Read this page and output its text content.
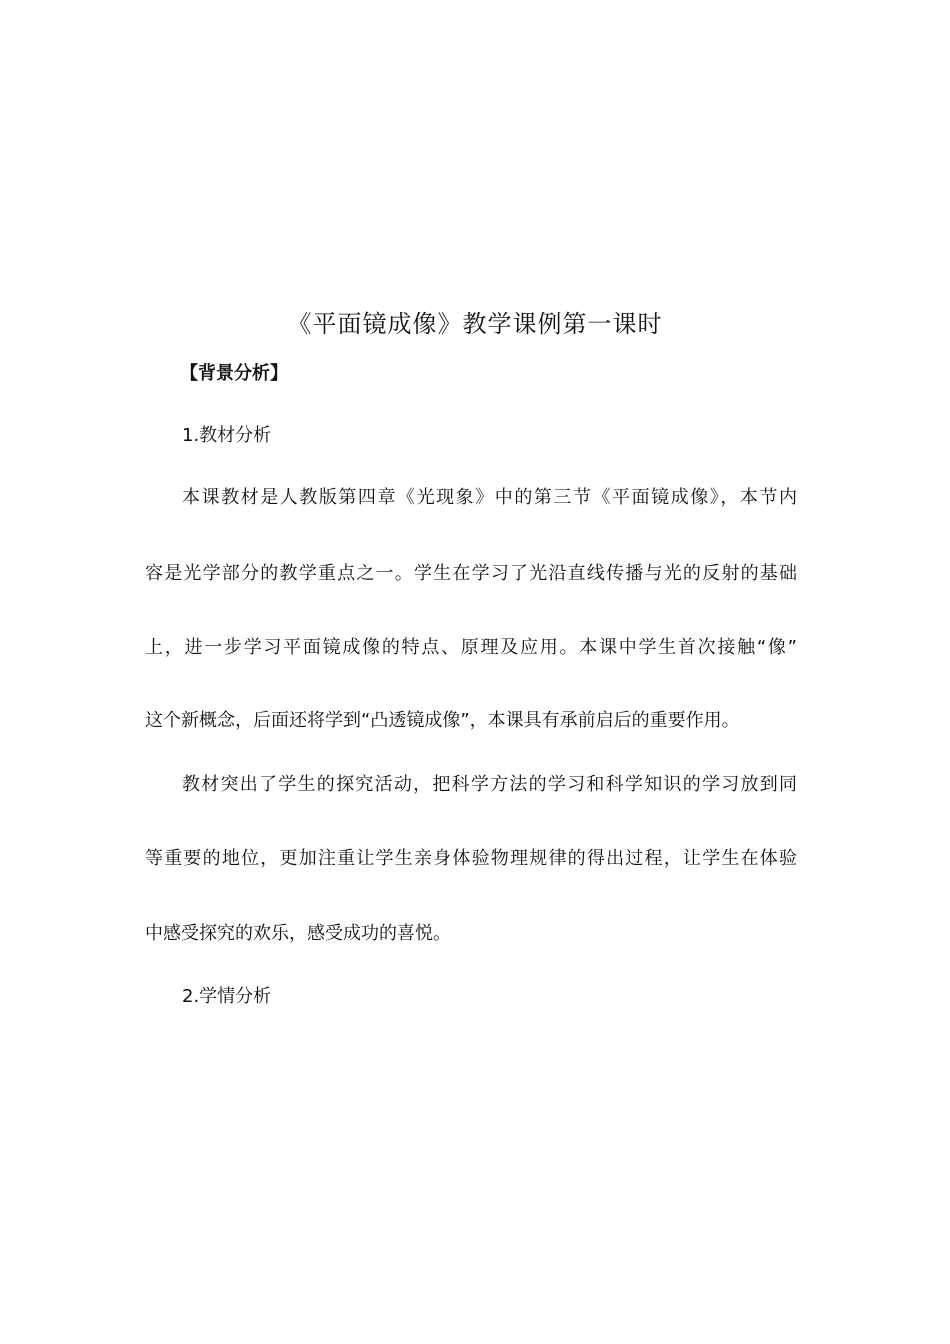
《平面镜成像》教学课例第一课时
【背景分析】
1.教材分析
本课教材是人教版第四章《光现象》中的第三节《平面镜成像》，本节内
容是光学部分的教学重点之一。学生在学习了光沿直线传播与光的反射的基础
上，进一步学习平面镜成像的特点、原理及应用。本课中学生首次接触“像”
这个新概念，后面还将学到“凸透镜成像”，本课具有承前启后的重要作用。
教材突出了学生的探究活动，把科学方法的学习和科学知识的学习放到同
等重要的地位，更加注重让学生亲身体验物理规律的得出过程，让学生在体验
中感受探究的欢乐，感受成功的喜悦。
2.学情分析
